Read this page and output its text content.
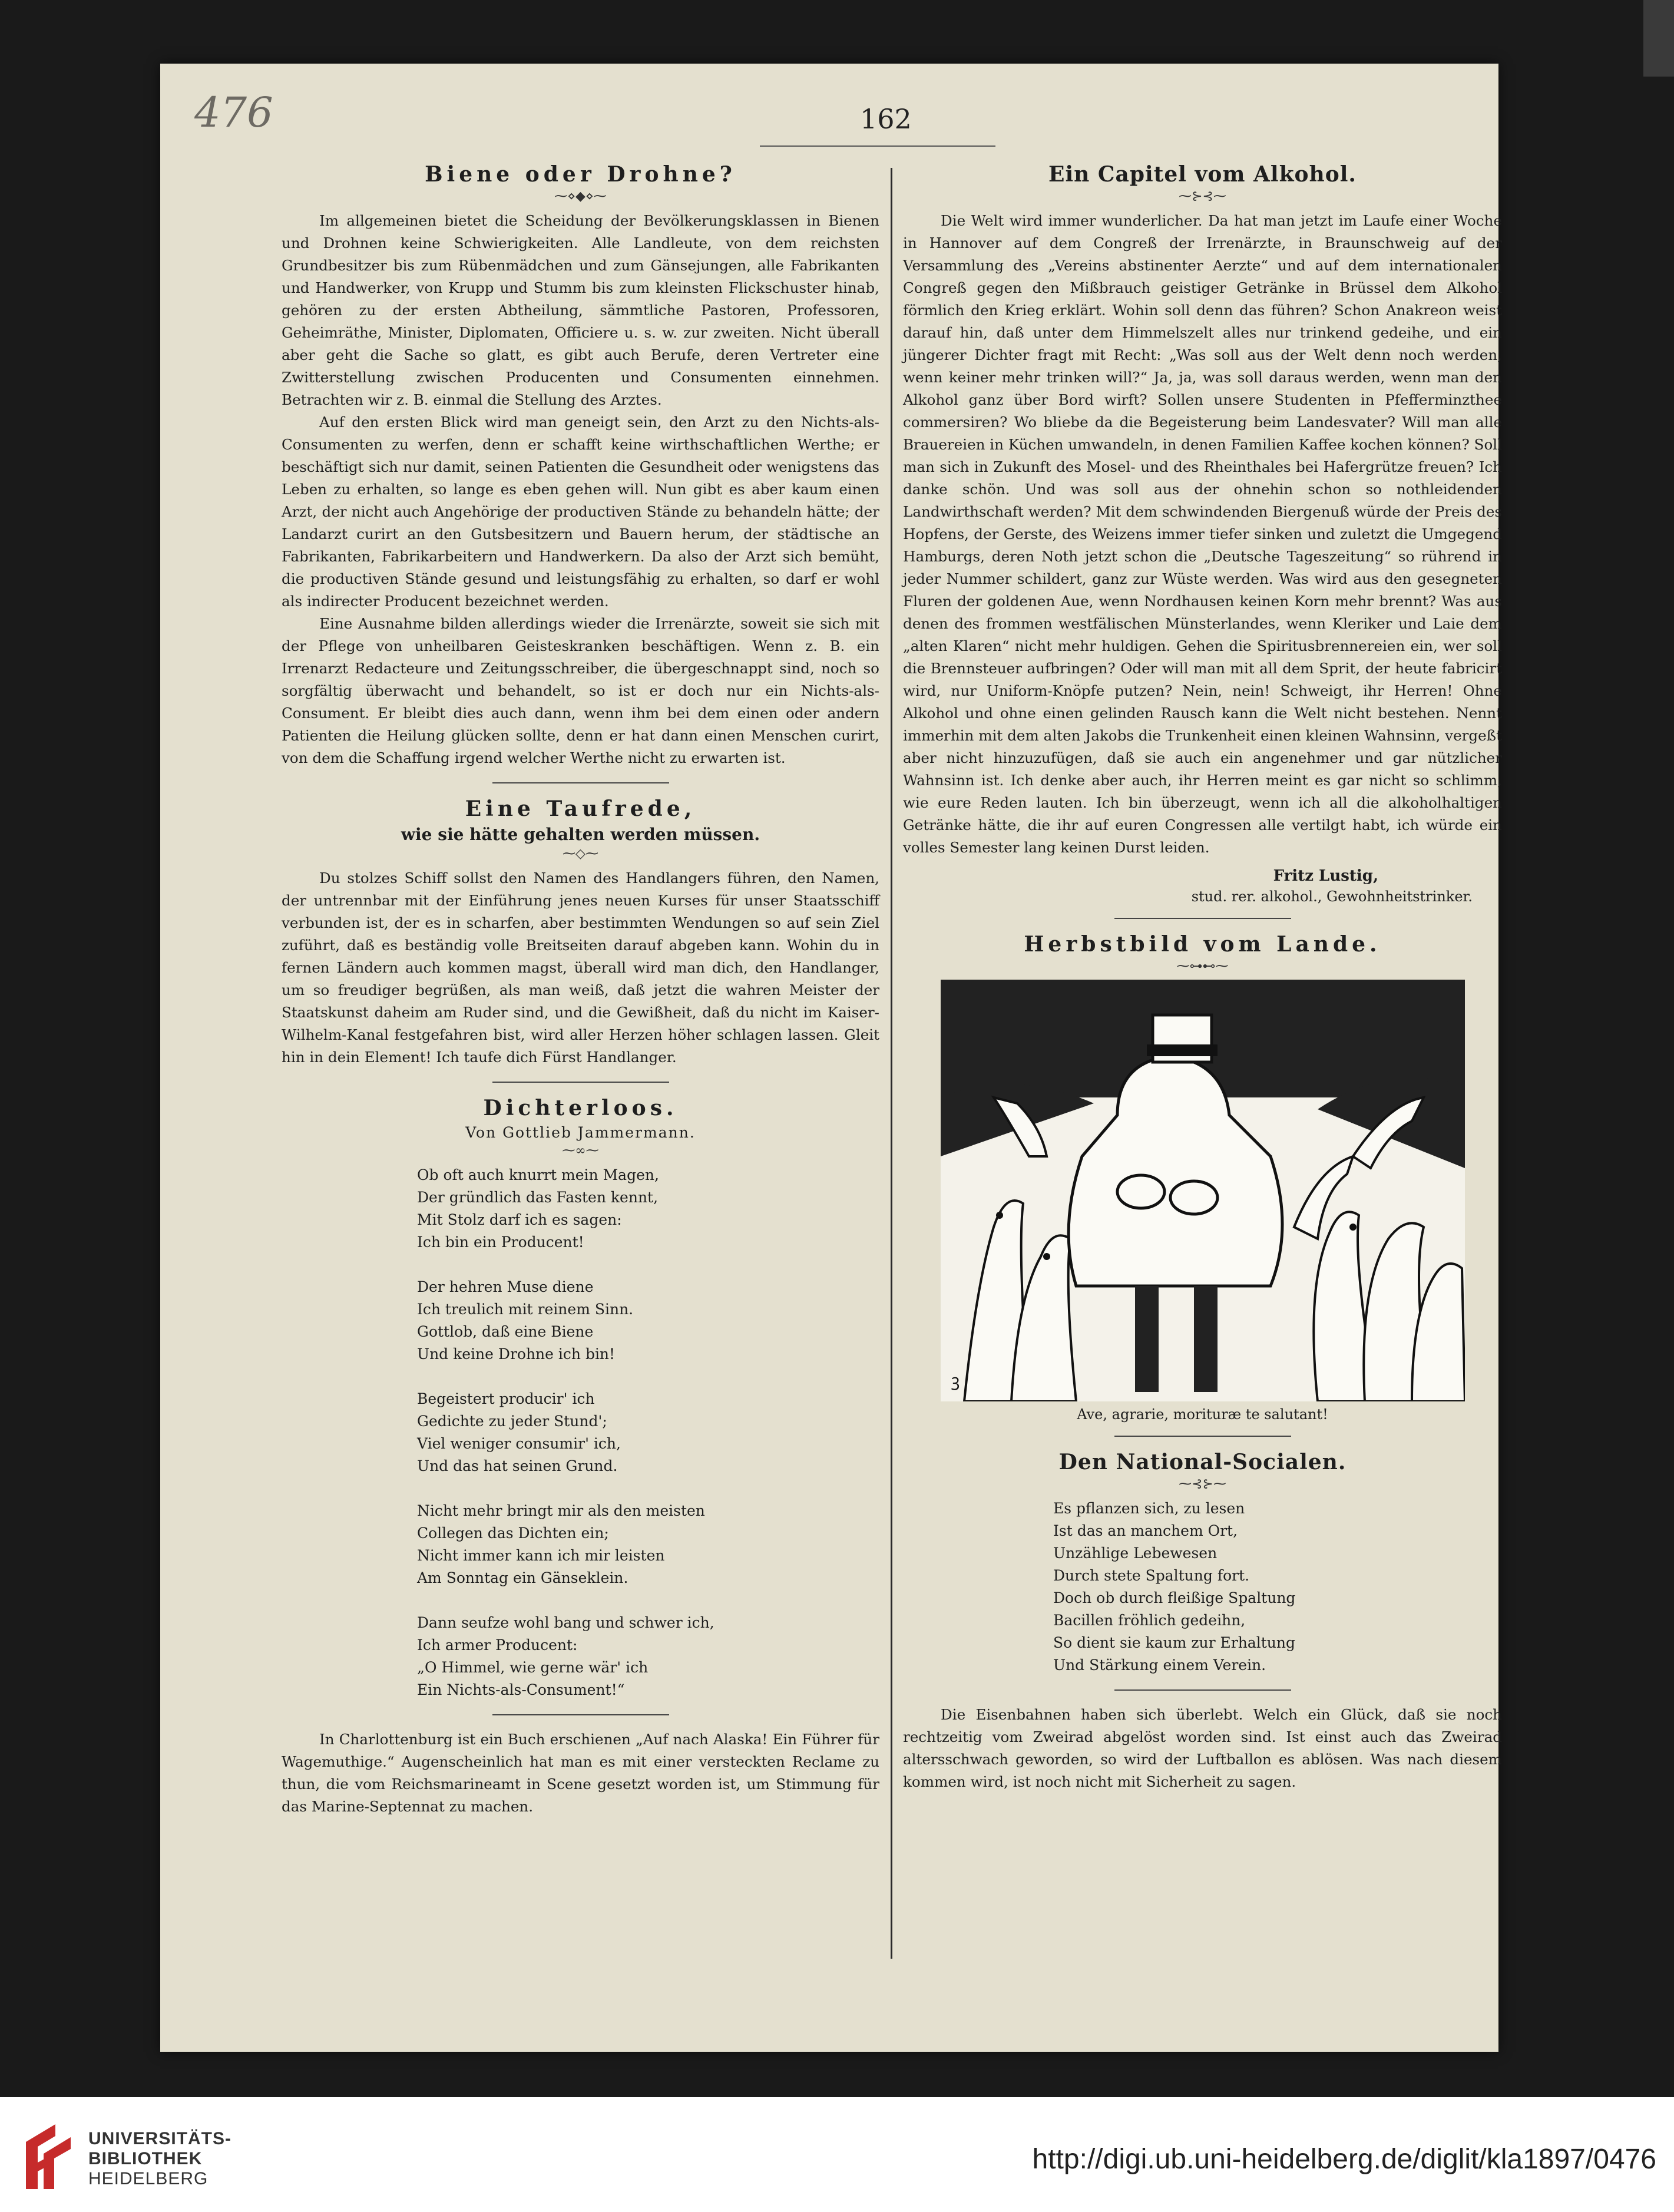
476	162
Biene oder Drohne?
⁓⋄◆⋄⁓

Im allgemeinen bietet die Scheidung der Bevölkerungsklassen in Bienen und Drohnen keine Schwierigkeiten. Alle Landleute, von dem reichsten Grundbesitzer bis zum Rübenmädchen und zum Gänsejungen, alle Fabrikanten und Handwerker, von Krupp und Stumm bis zum kleinsten Flickschuster hinab, gehören zu der ersten Abtheilung, sämmtliche Pastoren, Professoren, Geheimräthe, Minister, Diplomaten, Officiere u. s. w. zur zweiten. Nicht überall aber geht die Sache so glatt, es gibt auch Berufe, deren Vertreter eine Zwitterstellung zwischen Producenten und Consumenten einnehmen. Betrachten wir z. B. einmal die Stellung des Arztes.

Auf den ersten Blick wird man geneigt sein, den Arzt zu den Nichts-als-Consumenten zu werfen, denn er schafft keine wirthschaftlichen Werthe; er beschäftigt sich nur damit, seinen Patienten die Gesundheit oder wenigstens das Leben zu erhalten, so lange es eben gehen will. Nun gibt es aber kaum einen Arzt, der nicht auch Angehörige der productiven Stände zu behandeln hätte; der Landarzt curirt an den Gutsbesitzern und Bauern herum, der städtische an Fabrikanten, Fabrikarbeitern und Handwerkern. Da also der Arzt sich bemüht, die productiven Stände gesund und leistungsfähig zu erhalten, so darf er wohl als indirecter Producent bezeichnet werden.

Eine Ausnahme bilden allerdings wieder die Irrenärzte, soweit sie sich mit der Pflege von unheilbaren Geisteskranken beschäftigen. Wenn z. B. ein Irrenarzt Redacteure und Zeitungsschreiber, die übergeschnappt sind, noch so sorgfältig überwacht und behandelt, so ist er doch nur ein Nichts-als-Consument. Er bleibt dies auch dann, wenn ihm bei dem einen oder andern Patienten die Heilung glücken sollte, denn er hat dann einen Menschen curirt, von dem die Schaffung irgend welcher Werthe nicht zu erwarten ist.

Eine Taufrede,
wie sie hätte gehalten werden müssen.
⁓◇⁓

Du stolzes Schiff sollst den Namen des Handlangers führen, den Namen, der untrennbar mit der Einführung jenes neuen Kurses für unser Staatsschiff verbunden ist, der es in scharfen, aber bestimmten Wendungen so auf sein Ziel zuführt, daß es beständig volle Breitseiten darauf abgeben kann. Wohin du in fernen Ländern auch kommen magst, überall wird man dich, den Handlanger, um so freudiger begrüßen, als man weiß, daß jetzt die wahren Meister der Staatskunst daheim am Ruder sind, und die Gewißheit, daß du nicht im Kaiser-Wilhelm-Kanal festgefahren bist, wird aller Herzen höher schlagen lassen. Gleit hin in dein Element! Ich taufe dich Fürst Handlanger.

Dichterloos.
Von Gottlieb Jammermann.
⁓∞⁓
Ob oft auch knurrt mein Magen,
Der gründlich das Fasten kennt,
Mit Stolz darf ich es sagen:
Ich bin ein Producent!
Der hehren Muse diene
Ich treulich mit reinem Sinn.
Gottlob, daß eine Biene
Und keine Drohne ich bin!
Begeistert producir' ich
Gedichte zu jeder Stund';
Viel weniger consumir' ich,
Und das hat seinen Grund.
Nicht mehr bringt mir als den meisten
Collegen das Dichten ein;
Nicht immer kann ich mir leisten
Am Sonntag ein Gänseklein.
Dann seufze wohl bang und schwer ich,
Ich armer Producent:
„O Himmel, wie gerne wär' ich
Ein Nichts-als-Consument!“

In Charlottenburg ist ein Buch erschienen „Auf nach Alaska! Ein Führer für Wagemuthige.“ Augenscheinlich hat man es mit einer versteckten Reclame zu thun, die vom Reichsmarineamt in Scene gesetzt worden ist, um Stimmung für das Marine-Septennat zu machen.

Ein Capitel vom Alkohol.
⁓⊱⊰⁓

Die Welt wird immer wunderlicher. Da hat man jetzt im Laufe einer Woche in Hannover auf dem Congreß der Irrenärzte, in Braunschweig auf der Versammlung des „Vereins abstinenter Aerzte“ und auf dem internationalen Congreß gegen den Mißbrauch geistiger Getränke in Brüssel dem Alkohol förmlich den Krieg erklärt. Wohin soll denn das führen? Schon Anakreon weist darauf hin, daß unter dem Himmelszelt alles nur trinkend gedeihe, und ein jüngerer Dichter fragt mit Recht: „Was soll aus der Welt denn noch werden, wenn keiner mehr trinken will?“ Ja, ja, was soll daraus werden, wenn man den Alkohol ganz über Bord wirft? Sollen unsere Studenten in Pfefferminzthee commersiren? Wo bliebe da die Begeisterung beim Landesvater? Will man alle Brauereien in Küchen umwandeln, in denen Familien Kaffee kochen können? Soll man sich in Zukunft des Mosel- und des Rheinthales bei Hafergrütze freuen? Ich danke schön. Und was soll aus der ohnehin schon so nothleidenden Landwirthschaft werden? Mit dem schwindenden Biergenuß würde der Preis des Hopfens, der Gerste, des Weizens immer tiefer sinken und zuletzt die Umgegend Hamburgs, deren Noth jetzt schon die „Deutsche Tageszeitung“ so rührend in jeder Nummer schildert, ganz zur Wüste werden. Was wird aus den gesegneten Fluren der goldenen Aue, wenn Nordhausen keinen Korn mehr brennt? Was aus denen des frommen westfälischen Münsterlandes, wenn Kleriker und Laie dem „alten Klaren“ nicht mehr huldigen. Gehen die Spiritusbrennereien ein, wer soll die Brennsteuer aufbringen? Oder will man mit all dem Sprit, der heute fabricirt wird, nur Uniform-Knöpfe putzen? Nein, nein! Schweigt, ihr Herren! Ohne Alkohol und ohne einen gelinden Rausch kann die Welt nicht bestehen. Nennt immerhin mit dem alten Jakobs die Trunkenheit einen kleinen Wahnsinn, vergeßt aber nicht hinzuzufügen, daß sie auch ein angenehmer und gar nützlicher Wahnsinn ist. Ich denke aber auch, ihr Herren meint es gar nicht so schlimm, wie eure Reden lauten. Ich bin überzeugt, wenn ich all die alkoholhaltigen Getränke hätte, die ihr auf euren Congressen alle vertilgt habt, ich würde ein volles Semester lang keinen Durst leiden.

Fritz Lustig,
stud. rer. alkohol., Gewohnheitstrinker.
Herbstbild vom Lande.
⁓⊶⊷⁓
ꝫ
Ave, agrarie, morituræ te salutant!
Den National-Socialen.
⁓⊰⊱⁓
Es pflanzen sich, zu lesen
Ist das an manchem Ort,
Unzählige Lebewesen
Durch stete Spaltung fort.
Doch ob durch fleißige Spaltung
Bacillen fröhlich gedeihn,
So dient sie kaum zur Erhaltung
Und Stärkung einem Verein.

Die Eisenbahnen haben sich überlebt. Welch ein Glück, daß sie noch rechtzeitig vom Zweirad abgelöst worden sind. Ist einst auch das Zweirad altersschwach geworden, so wird der Luftballon es ablösen. Was nach diesem kommen wird, ist noch nicht mit Sicherheit zu sagen.

UNIVERSITÄTS-
BIBLIOTHEK
HEIDELBERG
http://digi.ub.uni-heidelberg.de/diglit/kla1897/0476
